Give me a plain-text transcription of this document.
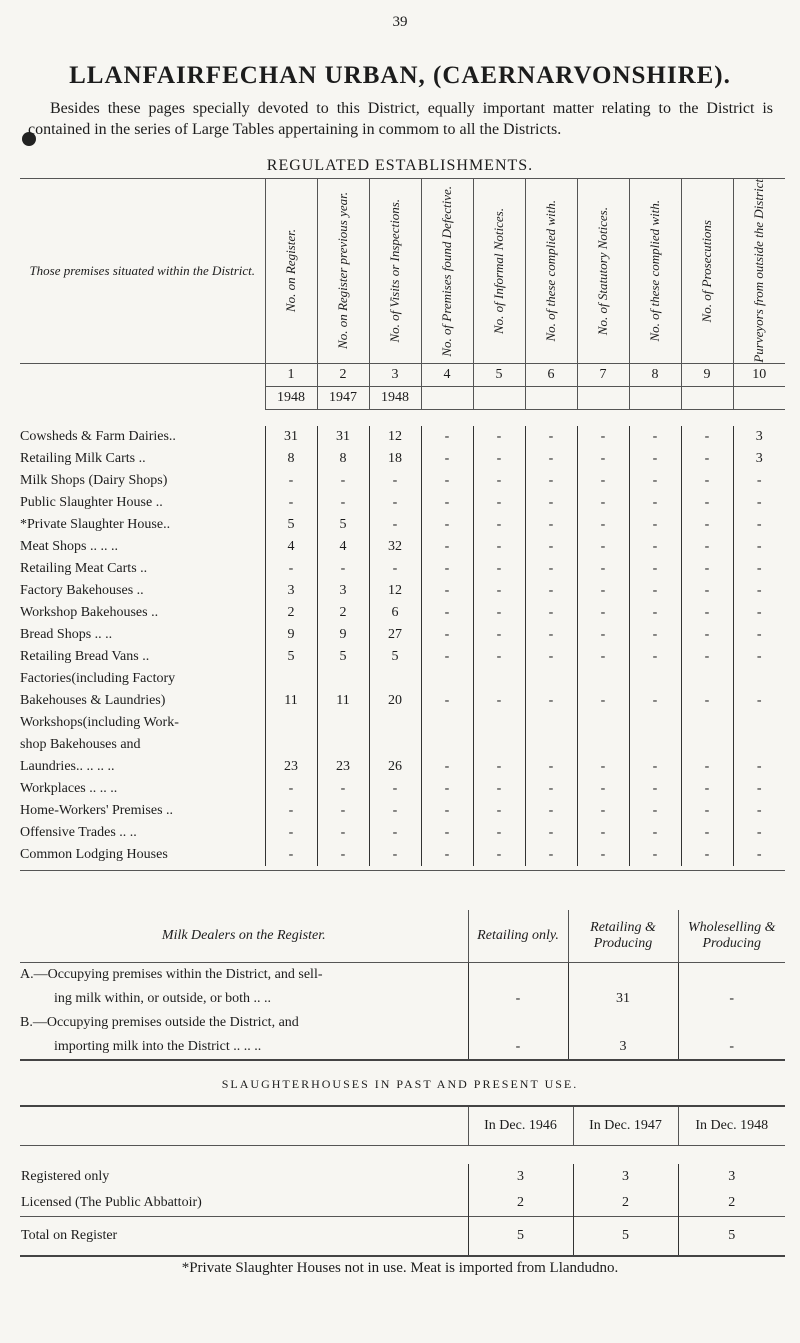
39
LLANFAIRFECHAN URBAN, (CAERNARVONSHIRE).
Besides these pages specially devoted to this District, equally important matter relating to the District is contained in the series of Large Tables appertaining in commom to all the Districts.
REGULATED ESTABLISHMENTS.
Those premises situated within the District.	No. on Register.	No. on Register previous year.	No. of Visits or Inspections.	No. of Premises found Defective.	No. of Informal Notices.	No. of these complied with.	No. of Statutory Notices.	No. of these complied with.	No. of Prosecutions	Purveyors from outside the District

	1	2	3	4	5	6	7	8	9	10
	1948	1947	1948							

Cowsheds & Farm Dairies..	31	31	12	-	-	-	-	-	-	3
Retailing Milk Carts ..	8	8	18	-	-	-	-	-	-	3
Milk Shops (Dairy Shops)	-	-	-	-	-	-	-	-	-	-
Public Slaughter House ..	-	-	-	-	-	-	-	-	-	-
*Private Slaughter House..	5	5	-	-	-	-	-	-	-	-
Meat Shops .. .. ..	4	4	32	-	-	-	-	-	-	-
Retailing Meat Carts ..	-	-	-	-	-	-	-	-	-	-
Factory Bakehouses ..	3	3	12	-	-	-	-	-	-	-
Workshop Bakehouses ..	2	2	6	-	-	-	-	-	-	-
Bread Shops .. ..	9	9	27	-	-	-	-	-	-	-
Retailing Bread Vans ..	5	5	5	-	-	-	-	-	-	-
Factories(including Factory										
Bakehouses & Laundries)	11	11	20	-	-	-	-	-	-	-
Workshops(including Work-										
shop Bakehouses and										
Laundries.. .. .. ..	23	23	26	-	-	-	-	-	-	-
Workplaces .. .. ..	-	-	-	-	-	-	-	-	-	-
Home-Workers' Premises ..	-	-	-	-	-	-	-	-	-	-
Offensive Trades .. ..	-	-	-	-	-	-	-	-	-	-
Common Lodging Houses	-	-	-	-	-	-	-	-	-	-

Milk Dealers on the Register.	Retailing only.	Retailing & Producing	Wholeselling & Producing
A.—Occupying premises within the District, and sell-			
ing milk within, or outside, or both .. ..	-	31	-
B.—Occupying premises outside the District, and			
importing milk into the District .. .. ..	-	3	-
SLAUGHTERHOUSES IN PAST AND PRESENT USE.
	In Dec. 1946	In Dec. 1947	In Dec. 1948

Registered only	3	3	3
Licensed (The Public Abbattoir)	2	2	2
Total on Register	5	5	5
*Private Slaughter Houses not in use. Meat is imported from Llandudno.
